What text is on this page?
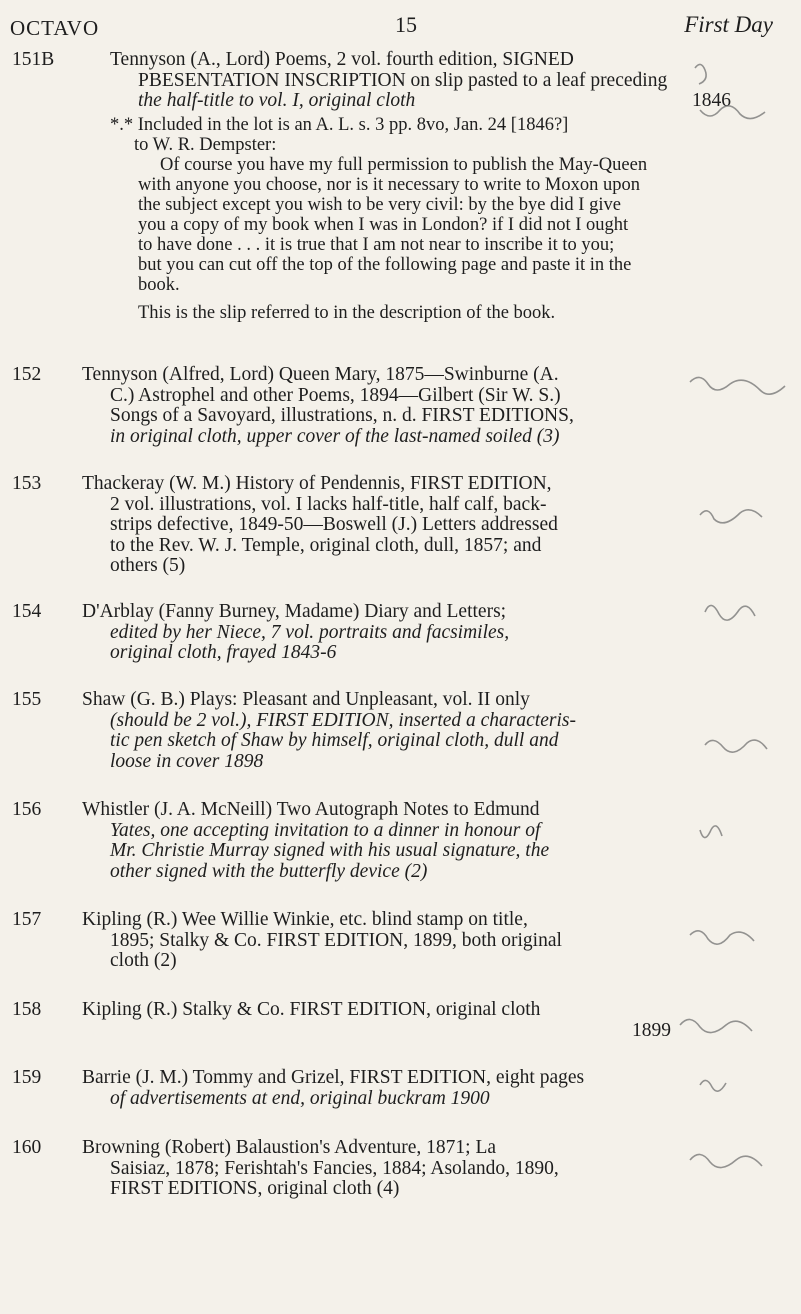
OCTAVO	15	First Day
151B	Tennyson (A., Lord) Poems, 2 vol. fourth edition, SIGNED
PBESENTATION INSCRIPTION on slip pasted to a leaf preceding
the half-title to vol. I, original cloth	1846
*.* Included in the lot is an A. L. s. 3 pp. 8vo, Jan. 24 [1846?]
to W. R. Dempster:
Of course you have my full permission to publish the May-Queen
with anyone you choose, nor is it necessary to write to Moxon upon
the subject except you wish to be very civil: by the bye did I give
you a copy of my book when I was in London? if I did not I ought
to have done . . . it is true that I am not near to inscribe it to you;
but you can cut off the top of the following page and paste it in the
book.
This is the slip referred to in the description of the book.
152 Tennyson (Alfred, Lord) Queen Mary, 1875—Swinburne (A.
C.) Astrophel and other Poems, 1894—Gilbert (Sir W. S.)
Songs of a Savoyard, illustrations, n. d. FIRST EDITIONS,
in original cloth, upper cover of the last-named soiled (3)
153 Thackeray (W. M.) History of Pendennis, FIRST EDITION,
2 vol. illustrations, vol. I lacks half-title, half calf, back-
strips defective, 1849-50—Boswell (J.) Letters addressed
to the Rev. W. J. Temple, original cloth, dull, 1857; and
others (5)
154 D'Arblay (Fanny Burney, Madame) Diary and Letters;
edited by her Niece, 7 vol. portraits and facsimiles,
original cloth, frayed 1843-6
155 Shaw (G. B.) Plays: Pleasant and Unpleasant, vol. II only
(should be 2 vol.), FIRST EDITION, inserted a characteris-
tic pen sketch of Shaw by himself, original cloth, dull and
loose in cover 1898
156 Whistler (J. A. McNeill) Two Autograph Notes to Edmund
Yates, one accepting invitation to a dinner in honour of
Mr. Christie Murray signed with his usual signature, the
other signed with the butterfly device (2)
157 Kipling (R.) Wee Willie Winkie, etc. blind stamp on title,
1895; Stalky & Co. FIRST EDITION, 1899, both original
cloth (2)
158 Kipling (R.) Stalky & Co. FIRST EDITION, original cloth
1899
159 Barrie (J. M.) Tommy and Grizel, FIRST EDITION, eight pages
of advertisements at end, original buckram 1900
160 Browning (Robert) Balaustion's Adventure, 1871; La
Saisiaz, 1878; Ferishtah's Fancies, 1884; Asolando, 1890,
FIRST EDITIONS, original cloth (4)
